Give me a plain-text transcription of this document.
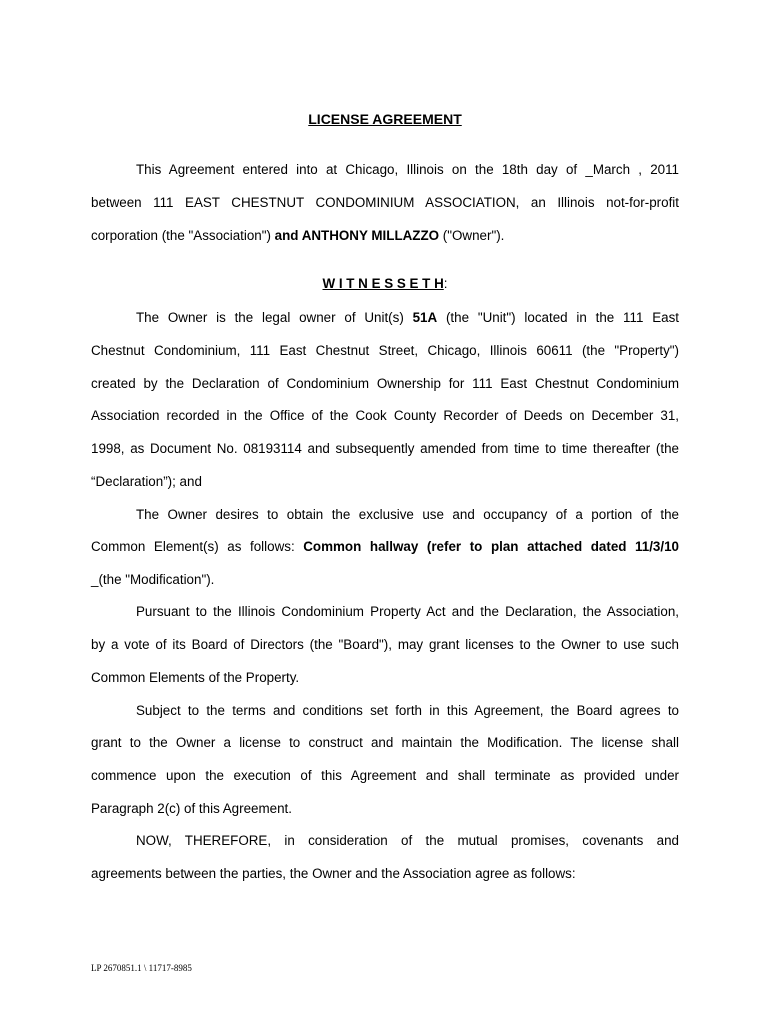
LICENSE AGREEMENT

This Agreement entered into at Chicago, Illinois on the 18th day of _March , 2011

between 111 EAST CHESTNUT CONDOMINIUM ASSOCIATION, an Illinois not-for-profit

corporation (the "Association") and ANTHONY MILLAZZO ("Owner").

W I T N E S S E T H:

The Owner is the legal owner of Unit(s) 51A (the "Unit") located in the 111 East

Chestnut Condominium, 111 East Chestnut Street, Chicago, Illinois 60611 (the "Property")

created by the Declaration of Condominium Ownership for 111 East Chestnut Condominium

Association recorded in the Office of the Cook County Recorder of Deeds on December 31,

1998, as Document No. 08193114 and subsequently amended from time to time thereafter (the

“Declaration”); and

The Owner desires to obtain the exclusive use and occupancy of a portion of the

Common Element(s) as follows: Common hallway (refer to plan attached dated 11/3/10

_(the "Modification").

Pursuant to the Illinois Condominium Property Act and the Declaration, the Association,

by a vote of its Board of Directors (the "Board"), may grant licenses to the Owner to use such

Common Elements of the Property.

Subject to the terms and conditions set forth in this Agreement, the Board agrees to

grant to the Owner a license to construct and maintain the Modification. The license shall

commence upon the execution of this Agreement and shall terminate as provided under

Paragraph 2(c) of this Agreement.

NOW, THEREFORE, in consideration of the mutual promises, covenants and

agreements between the parties, the Owner and the Association agree as follows:

LP 2670851.1 \ 11717-8985
